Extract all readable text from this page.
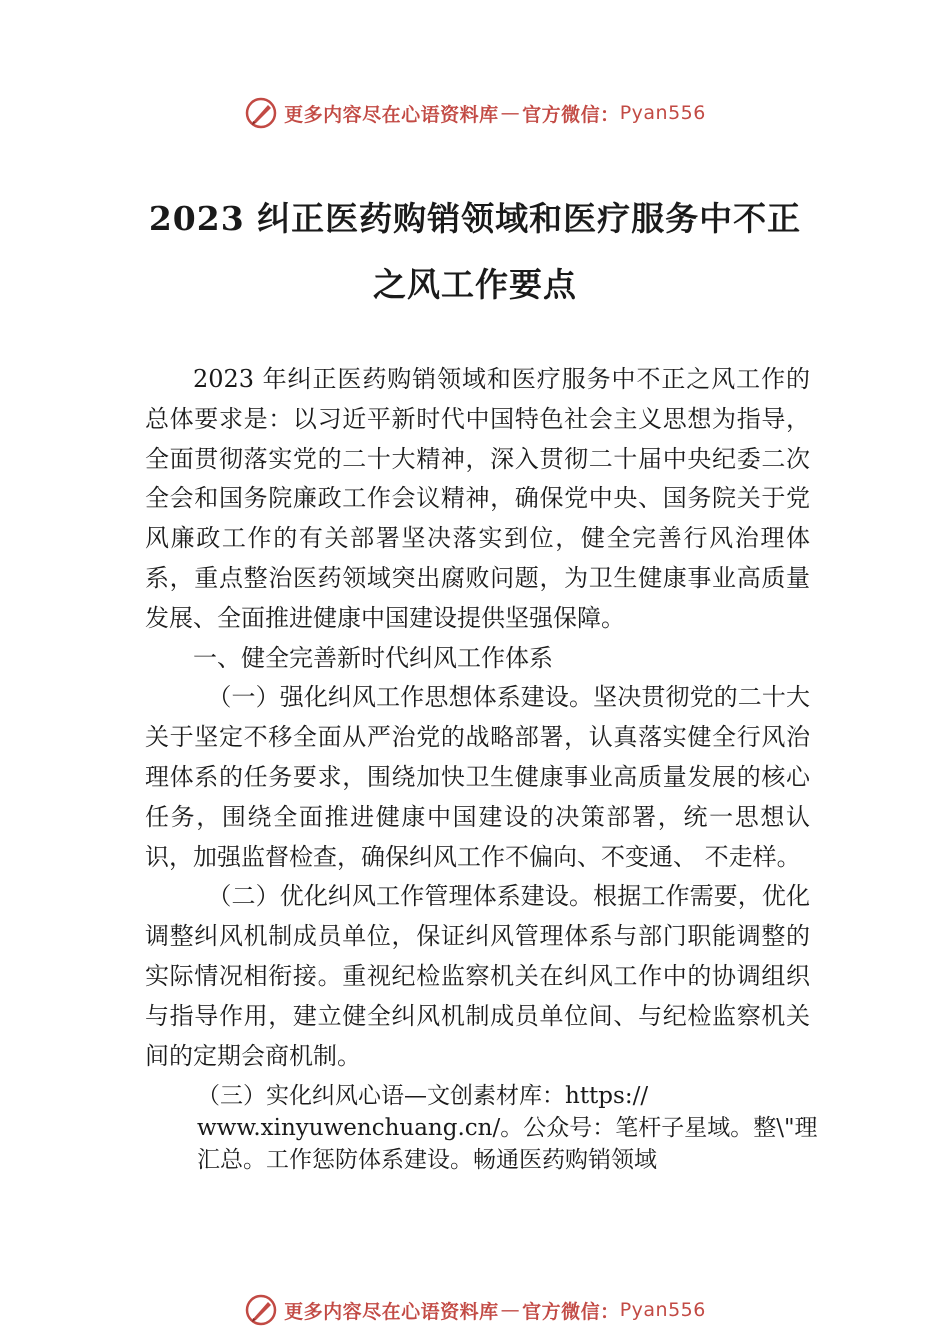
更多内容尽在心语资料库 — 官方微信： Pyan556
2023 纠正医药购销领域和医疗服务中不正
之风工作要点

2023 年纠正医药购销领域和医疗服务中不正之风工作的总体要求是：以习近平新时代中国特色社会主义思想为指导，全面贯彻落实党的二十大精神，深入贯彻二十届中央纪委二次全会和国务院廉政工作会议精神，确保党中央、国务院关于党风廉政工作的有关部署坚决落实到位，健全完善行风治理体系，重点整治医药领域突出腐败问题，为卫生健康事业高质量发展、全面推进健康中国建设提供坚强保障。

一、健全完善新时代纠风工作体系

（一）强化纠风工作思想体系建设。坚决贯彻党的二十大关于坚定不移全面从严治党的战略部署，认真落实健全行风治理体系的任务要求，围绕加快卫生健康事业高质量发展的核心任务，围绕全面推进健康中国建设的决策部署，统一思想认识，加强监督检查，确保纠风工作不偏向、不变通、 不走样。

（二）优化纠风工作管理体系建设。根据工作需要，优化调整纠风机制成员单位，保证纠风管理体系与部门职能调整的实际情况相衔接。重视纪检监察机关在纠风工作中的协调组织与指导作用，建立健全纠风机制成员单位间、与纪检监察机关间的定期会商机制。

（三）实化纠风心语—文创素材库：https://
www.xinyuwenchuang.cn/。公众号：笔杆子星域。整\"理
汇总。工作惩防体系建设。畅通医药购销领域
更多内容尽在心语资料库 — 官方微信： Pyan556
